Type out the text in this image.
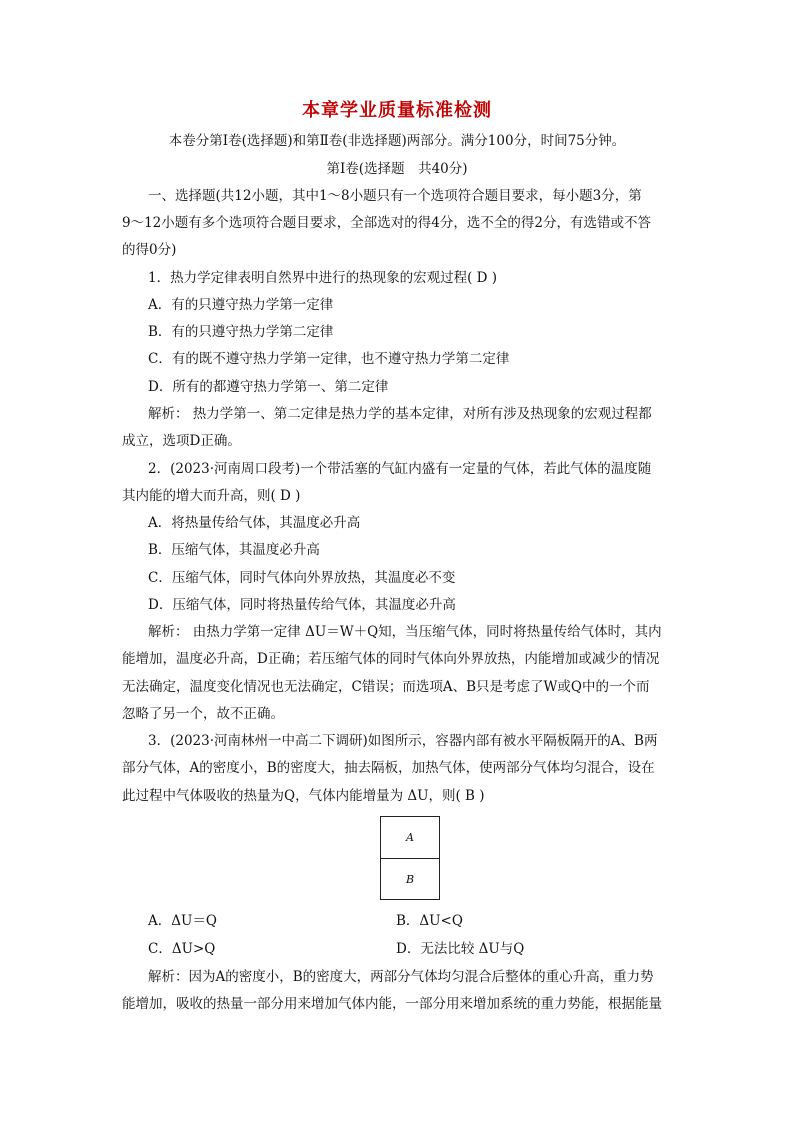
本章学业质量标准检测
本卷分第Ⅰ卷(选择题)和第Ⅱ卷(非选择题)两部分。满分100分，时间75分钟。
第Ⅰ卷(选择题　共40分)
一、选择题(共12小题，其中1～8小题只有一个选项符合题目要求，每小题3分，第
9～12小题有多个选项符合题目要求，全部选对的得4分，选不全的得2分，有选错或不答
的得0分)
1．热力学定律表明自然界中进行的热现象的宏观过程( D )
A．有的只遵守热力学第一定律
B．有的只遵守热力学第二定律
C．有的既不遵守热力学第一定律，也不遵守热力学第二定律
D．所有的都遵守热力学第一、第二定律
解析： 热力学第一、第二定律是热力学的基本定律，对所有涉及热现象的宏观过程都
成立，选项D正确。
2．(2023·河南周口段考)一个带活塞的气缸内盛有一定量的气体，若此气体的温度随
其内能的增大而升高，则( D )
A．将热量传给气体，其温度必升高
B．压缩气体，其温度必升高
C．压缩气体，同时气体向外界放热，其温度必不变
D．压缩气体，同时将热量传给气体，其温度必升高
解析： 由热力学第一定律 ΔU＝W＋Q知，当压缩气体，同时将热量传给气体时，其内
能增加，温度必升高，D正确；若压缩气体的同时气体向外界放热，内能增加或减少的情况
无法确定，温度变化情况也无法确定，C错误；而选项A、B只是考虑了W或Q中的一个而
忽略了另一个，故不正确。
3．(2023·河南林州一中高二下调研)如图所示，容器内部有被水平隔板隔开的A、B两
部分气体，A的密度小，B的密度大，抽去隔板，加热气体，使两部分气体均匀混合，设在
此过程中气体吸收的热量为Q，气体内能增量为 ΔU，则( B )
A
B
A．ΔU＝Q	B．ΔU<Q
C．ΔU>Q	D．无法比较 ΔU与Q
解析：因为A的密度小，B的密度大，两部分气体均匀混合后整体的重心升高，重力势
能增加，吸收的热量一部分用来增加气体内能，一部分用来增加系统的重力势能，根据能量
